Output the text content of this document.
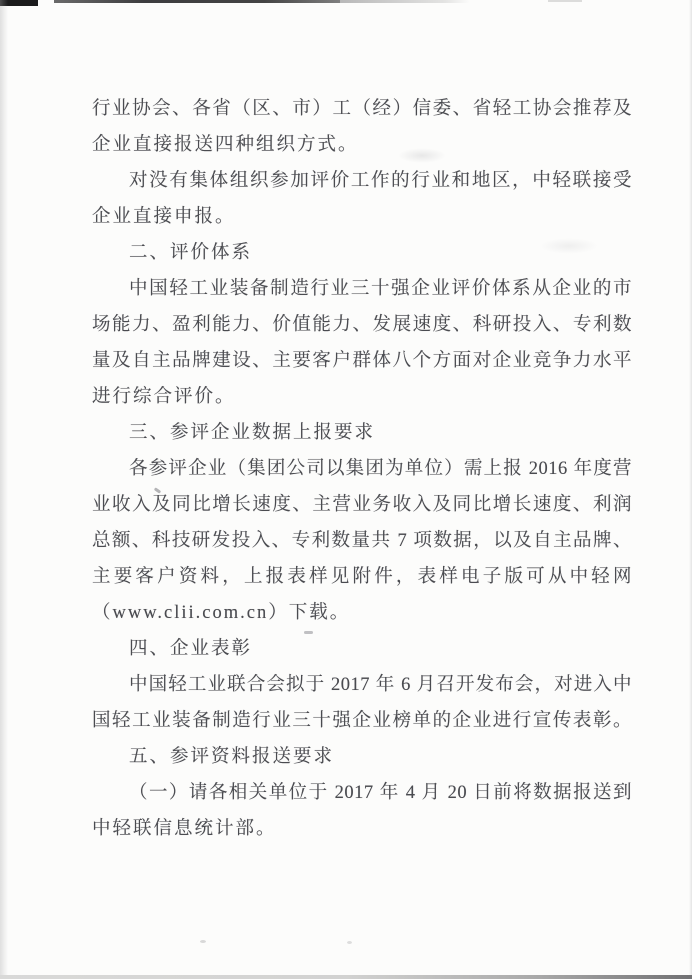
行业协会、各省（区、市）工（经）信委、省轻工协会推荐及
企业直接报送四种组织方式。
对没有集体组织参加评价工作的行业和地区，中轻联接受
企业直接申报。
二、评价体系
中国轻工业装备制造行业三十强企业评价体系从企业的市
场能力、盈利能力、价值能力、发展速度、科研投入、专利数
量及自主品牌建设、主要客户群体八个方面对企业竞争力水平
进行综合评价。
三、参评企业数据上报要求
各参评企业（集团公司以集团为单位）需上报 2016 年度营
业收入及同比增长速度、主营业务收入及同比增长速度、利润
总额、科技研发投入、专利数量共 7 项数据，以及自主品牌、
主要客户资料，上报表样见附件，表样电子版可从中轻网
（www.clii.com.cn）下载。
四、企业表彰
中国轻工业联合会拟于 2017 年 6 月召开发布会，对进入中
国轻工业装备制造行业三十强企业榜单的企业进行宣传表彰。
五、参评资料报送要求
（一）请各相关单位于 2017 年 4 月 20 日前将数据报送到
中轻联信息统计部。
